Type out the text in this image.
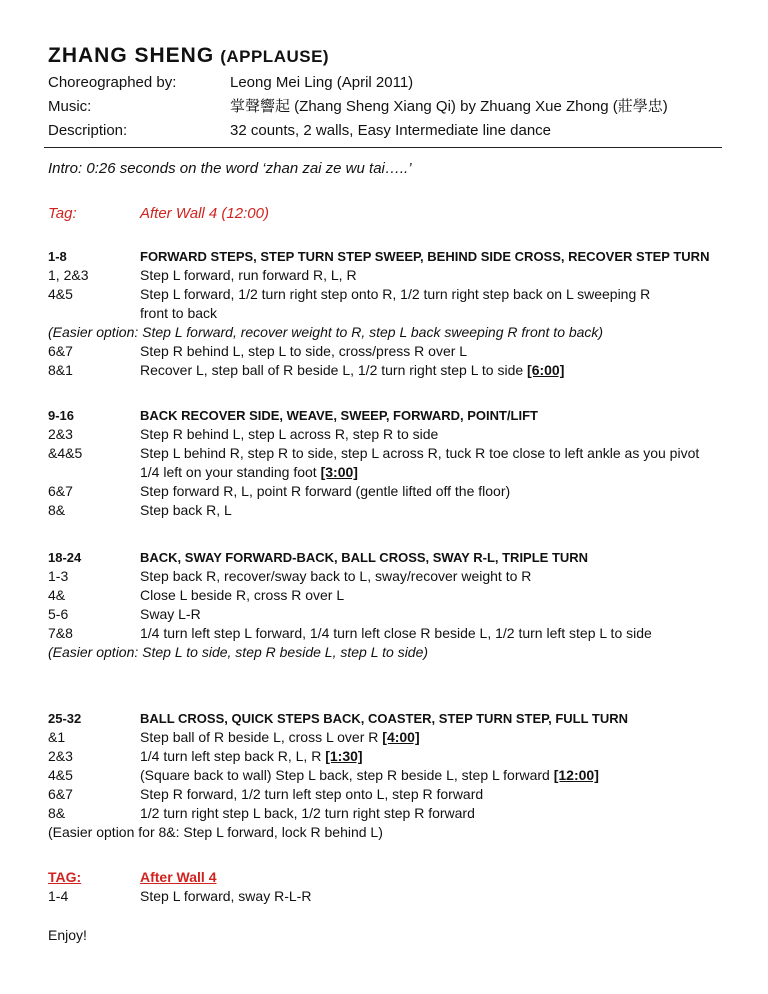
ZHANG SHENG (APPLAUSE)
Choreographed by:	Leong Mei Ling (April 2011)
Music:	掌聲響起 (Zhang Sheng Xiang Qi) by Zhuang Xue Zhong (莊學忠)
Description:	32 counts, 2 walls, Easy Intermediate line dance
Intro: 0:26 seconds on the word ‘zhan zai ze wu tai…..’
Tag:	After Wall 4 (12:00)
1-8	FORWARD STEPS, STEP TURN STEP SWEEP, BEHIND SIDE CROSS, RECOVER STEP TURN
1, 2&3	Step L forward, run forward R, L, R
4&5	Step L forward, 1/2 turn right step onto R, 1/2 turn right step back on L sweeping R front to back
(Easier option: Step L forward, recover weight to R, step L back sweeping R front to back)
6&7	Step R behind L, step L to side, cross/press R over L
8&1	Recover L, step ball of R beside L, 1/2 turn right step L to side [6:00]
9-16	BACK RECOVER SIDE, WEAVE, SWEEP, FORWARD, POINT/LIFT
2&3	Step R behind L, step L across R, step R to side
&4&5	Step L behind R, step R to side, step L across R, tuck R toe close to left ankle as you pivot 1/4 left on your standing foot [3:00]
6&7	Step forward R, L, point R forward (gentle lifted off the floor)
8&	Step back R, L
18-24	BACK, SWAY FORWARD-BACK, BALL CROSS, SWAY R-L, TRIPLE TURN
1-3	Step back R, recover/sway back to L, sway/recover weight to R
4&	Close L beside R, cross R over L
5-6	Sway L-R
7&8	1/4 turn left step L forward, 1/4 turn left close R beside L, 1/2 turn left step L to side
(Easier option: Step L to side, step R beside L, step L to side)
25-32	BALL CROSS, QUICK STEPS BACK, COASTER, STEP TURN STEP, FULL TURN
&1	Step ball of R beside L, cross L over R [4:00]
2&3	1/4 turn left step back R, L, R [1:30]
4&5	(Square back to wall) Step L back, step R beside L, step L forward [12:00]
6&7	Step R forward, 1/2 turn left step onto L, step R forward
8&	1/2 turn right step L back, 1/2 turn right step R forward
(Easier option for 8&: Step L forward, lock R behind L)
TAG:	After Wall 4
1-4	Step L forward, sway R-L-R
Enjoy!
